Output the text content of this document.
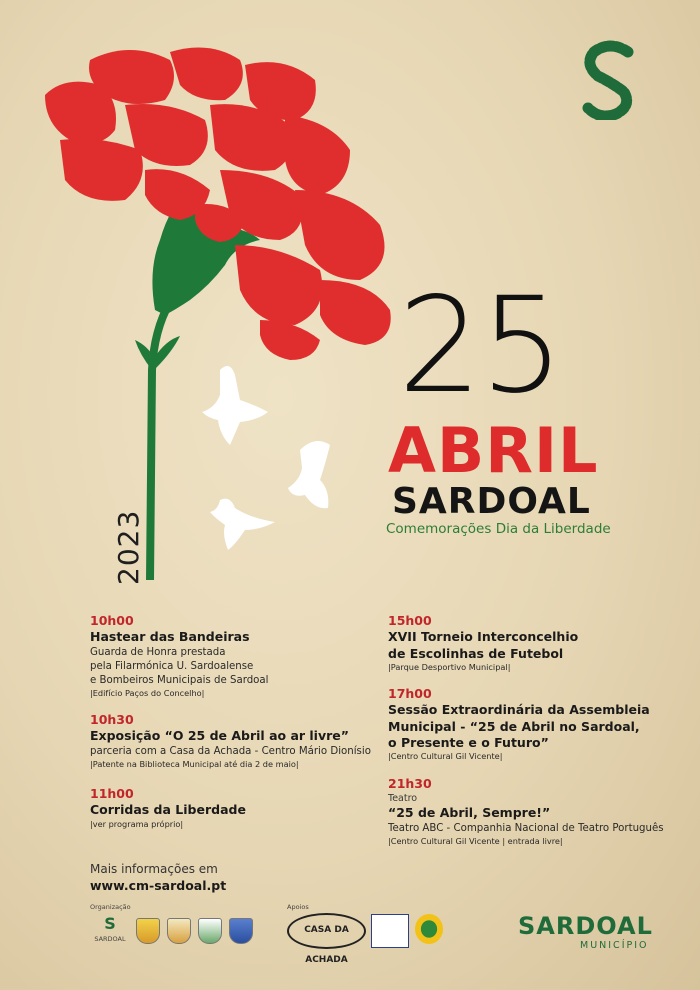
2023
25
ABRIL
SARDOAL
Comemorações Dia da Liberdade
10h00
Hastear das Bandeiras
Guarda de Honra prestada
pela Filarmónica U. Sardoalense
e Bombeiros Municipais de Sardoal
|Edifício Paços do Concelho|
10h30
Exposição “O 25 de Abril ao ar livre”
parceria com a Casa da Achada - Centro Mário Dionísio
|Patente na Biblioteca Municipal até dia 2 de maio|
11h00
Corridas da Liberdade
|ver programa próprio|
15h00
XVII Torneio Interconcelhio
de Escolinhas de Futebol
|Parque Desportivo Municipal|
17h00
Sessão Extraordinária da Assembleia
Municipal - “25 de Abril no Sardoal,
o Presente e o Futuro”
|Centro Cultural Gil Vicente|
21h30
Teatro
“25 de Abril, Sempre!”
Teatro ABC - Companhia Nacional de Teatro Português
|Centro Cultural Gil Vicente | entrada livre|
Mais informações em
www.cm-sardoal.pt
Organização
S
SARDOAL
Apoios
CASA DA ACHADA
SARDOAL
MUNICÍPIO
